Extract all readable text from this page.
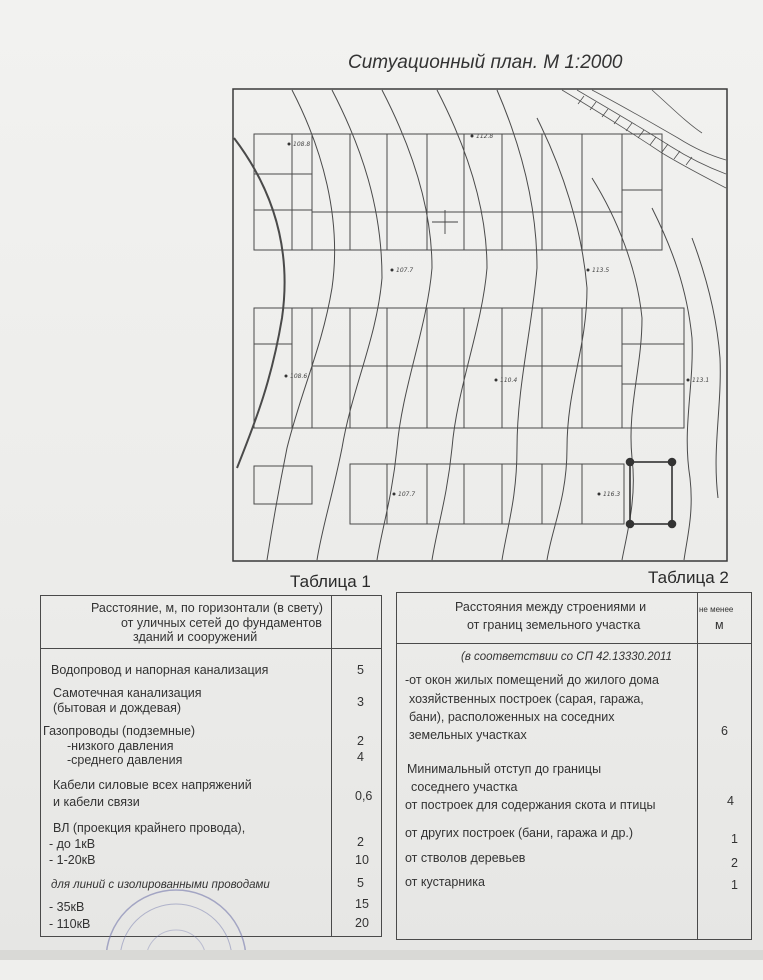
Ситуационный план. М 1:2000
108.8
112.8
107.7	113.5
108.6
110.4	113.1
107.7	116.3
Таблица 1
Расстояние, м, по горизонтали (в свету)
от уличных сетей до фундаментов
зданий и сооружений
Водопровод и напорная канализация	5
Самотечная канализация
(бытовая и дождевая)	3
Газопроводы (подземные)
-низкого давления	2
-среднего давления	4
Кабели силовые всех напряжений
и кабели связи	0,6
ВЛ (проекция крайнего провода),
- до 1кВ	2
- 1-20кВ	10
для линий с изолированными проводами	5
- 35кВ	15
- 110кВ	20
Таблица 2
Расстояния между строениями и
от границ земельного участка
не менее
м
(в соответствии со СП 42.13330.2011
-от окон жилых помещений до жилого дома
хозяйственных построек (сарая, гаража,
бани), расположенных на соседних
земельных участках	6
Минимальный отступ до границы
соседнего участка
от построек для содержания скота и птицы	4
от других построек (бани, гаража и др.)	1
от стволов деревьев	2
от кустарника	1
